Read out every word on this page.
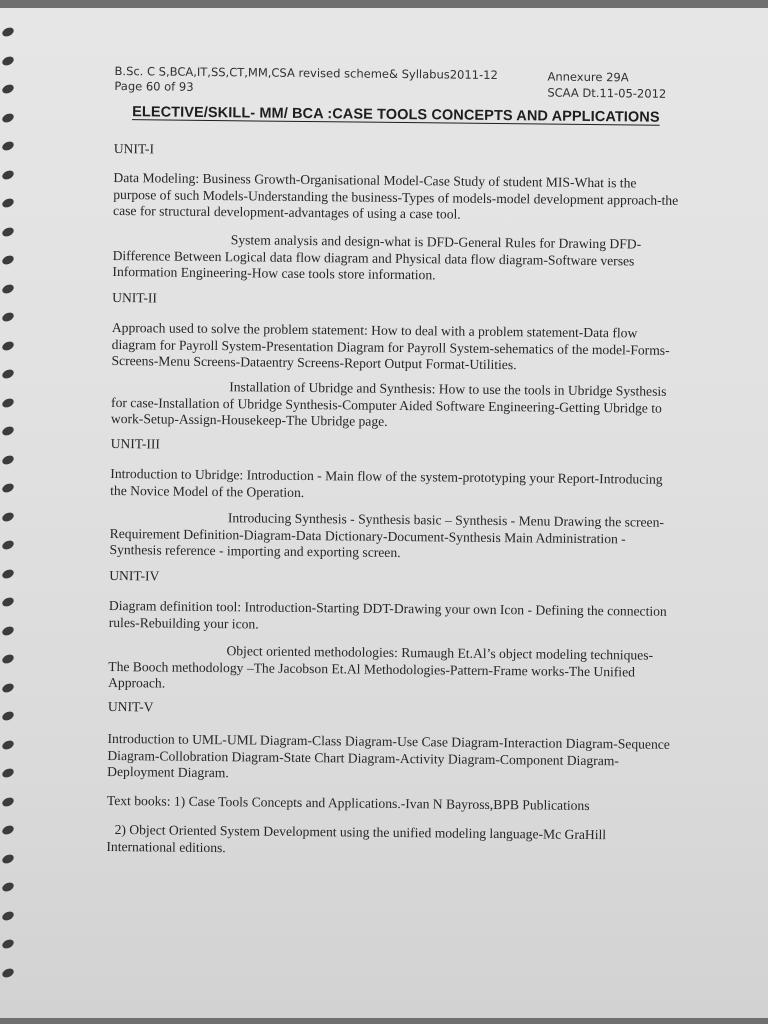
B.Sc. C S,BCA,IT,SS,CT,MM,CSA revised scheme& Syllabus2011-12
Page 60 of 93
Annexure 29A
SCAA Dt.11-05-2012
ELECTIVE/SKILL- MM/ BCA :CASE TOOLS CONCEPTS AND APPLICATIONS
UNIT-I
Data Modeling: Business Growth-Organisational Model-Case Study of student MIS-What is the purpose of such Models-Understanding the business-Types of models-model development approach-the case for structural development-advantages of using a case tool.
System analysis and design-what is DFD-General Rules for Drawing DFD-Difference Between Logical data flow diagram and Physical data flow diagram-Software verses Information Engineering-How case tools store information.
UNIT-II
Approach used to solve the problem statement: How to deal with a problem statement-Data flow diagram for Payroll System-Presentation Diagram for Payroll System-sehematics of the model-Forms-Screens-Menu Screens-Dataentry Screens-Report Output Format-Utilities.
Installation of Ubridge and Synthesis: How to use the tools in Ubridge Systhesis for case-Installation of Ubridge Synthesis-Computer Aided Software Engineering-Getting Ubridge to work-Setup-Assign-Housekeep-The Ubridge page.
UNIT-III
Introduction to Ubridge: Introduction - Main flow of the system-prototyping your Report-Introducing the Novice Model of the Operation.
Introducing Synthesis - Synthesis basic – Synthesis - Menu Drawing the screen-Requirement Definition-Diagram-Data Dictionary-Document-Synthesis Main Administration - Synthesis reference - importing and exporting screen.
UNIT-IV
Diagram definition tool: Introduction-Starting DDT-Drawing your own Icon - Defining the connection rules-Rebuilding your icon.
Object oriented methodologies: Rumaugh Et.Al’s object modeling techniques-The Booch methodology –The Jacobson Et.Al Methodologies-Pattern-Frame works-The Unified Approach.
UNIT-V
Introduction to UML-UML Diagram-Class Diagram-Use Case Diagram-Interaction Diagram-Sequence Diagram-Collobration Diagram-State Chart Diagram-Activity Diagram-Component Diagram-Deployment Diagram.
Text books: 1) Case Tools Concepts and Applications.-Ivan N Bayross,BPB Publications
2) Object Oriented System Development using the unified modeling language-Mc GraHill International editions.
